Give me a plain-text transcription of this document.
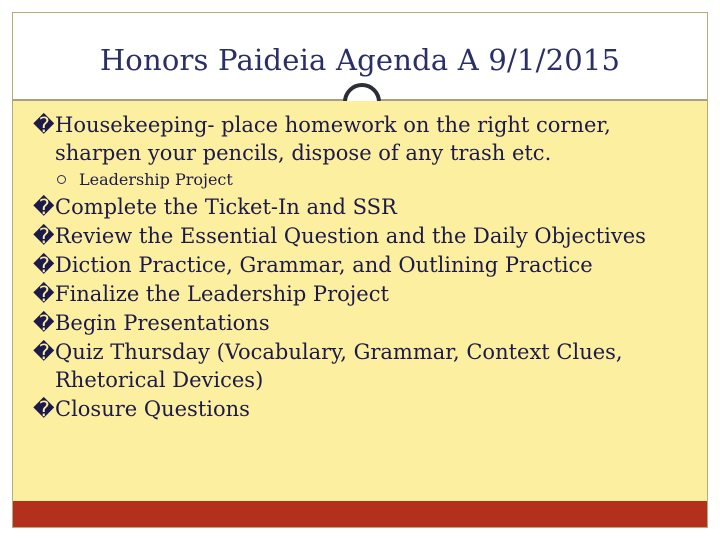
Honors Paideia Agenda A 9/1/2015
� Housekeeping- place homework on the right corner, sharpen your pencils, dispose of any trash etc.
Leadership Project
� Complete the Ticket-In and SSR
� Review the Essential Question and the Daily Objectives
� Diction Practice, Grammar, and Outlining Practice
� Finalize the Leadership Project
� Begin Presentations
� Quiz Thursday (Vocabulary, Grammar, Context Clues, Rhetorical Devices)
� Closure Questions
